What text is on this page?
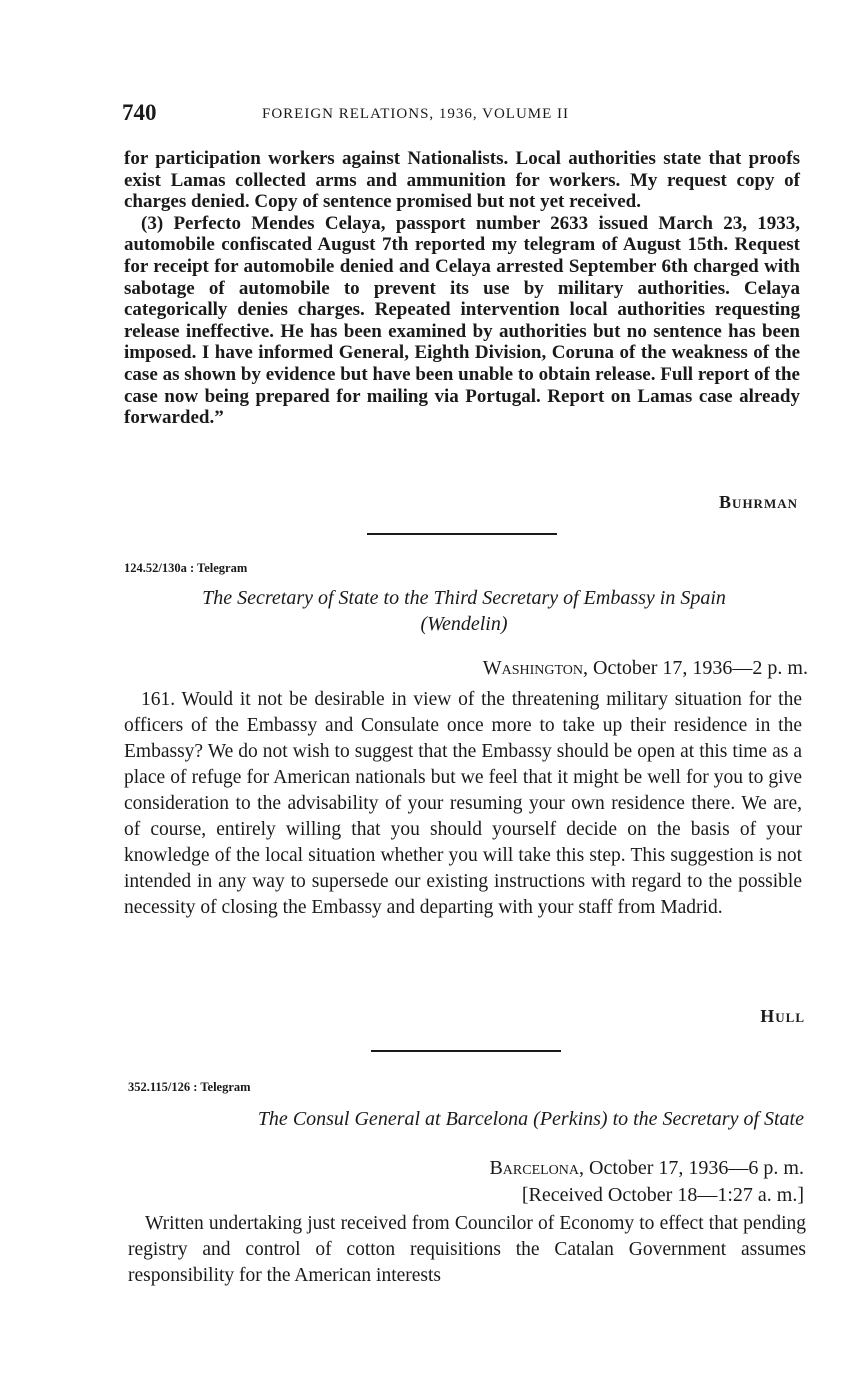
740	FOREIGN RELATIONS, 1936, VOLUME II

for participation workers against Nationalists. Local authorities state that proofs exist Lamas collected arms and ammunition for workers. My request copy of charges denied. Copy of sentence promised but not yet received.

(3) Perfecto Mendes Celaya, passport number 2633 issued March 23, 1933, automobile confiscated August 7th reported my telegram of August 15th. Request for receipt for automobile denied and Celaya arrested September 6th charged with sabotage of automobile to prevent its use by military authorities. Celaya categorically denies charges. Repeated intervention local authorities requesting release ineffective. He has been examined by authorities but no sentence has been imposed. I have informed General, Eighth Division, Coruna of the weakness of the case as shown by evidence but have been unable to obtain release. Full report of the case now being prepared for mailing via Portugal. Report on Lamas case already forwarded.”

Buhrman
124.52/130a : Telegram
The Secretary of State to the Third Secretary of Embassy in Spain
(Wendelin)
Washington, October 17, 1936—2 p. m.
161. Would it not be desirable in view of the threatening military situation for the officers of the Embassy and Consulate once more to take up their residence in the Embassy? We do not wish to suggest that the Embassy should be open at this time as a place of refuge for American nationals but we feel that it might be well for you to give consideration to the advisability of your resuming your own residence there. We are, of course, entirely willing that you should yourself decide on the basis of your knowledge of the local situation whether you will take this step. This suggestion is not intended in any way to supersede our existing instructions with regard to the possible necessity of closing the Embassy and departing with your staff from Madrid.
Hull
352.115/126 : Telegram
The Consul General at Barcelona (Perkins) to the Secretary of State
Barcelona, October 17, 1936—6 p. m.
[Received October 18—1:27 a. m.]
Written undertaking just received from Councilor of Economy to effect that pending registry and control of cotton requisitions the Catalan Government assumes responsibility for the American interests
